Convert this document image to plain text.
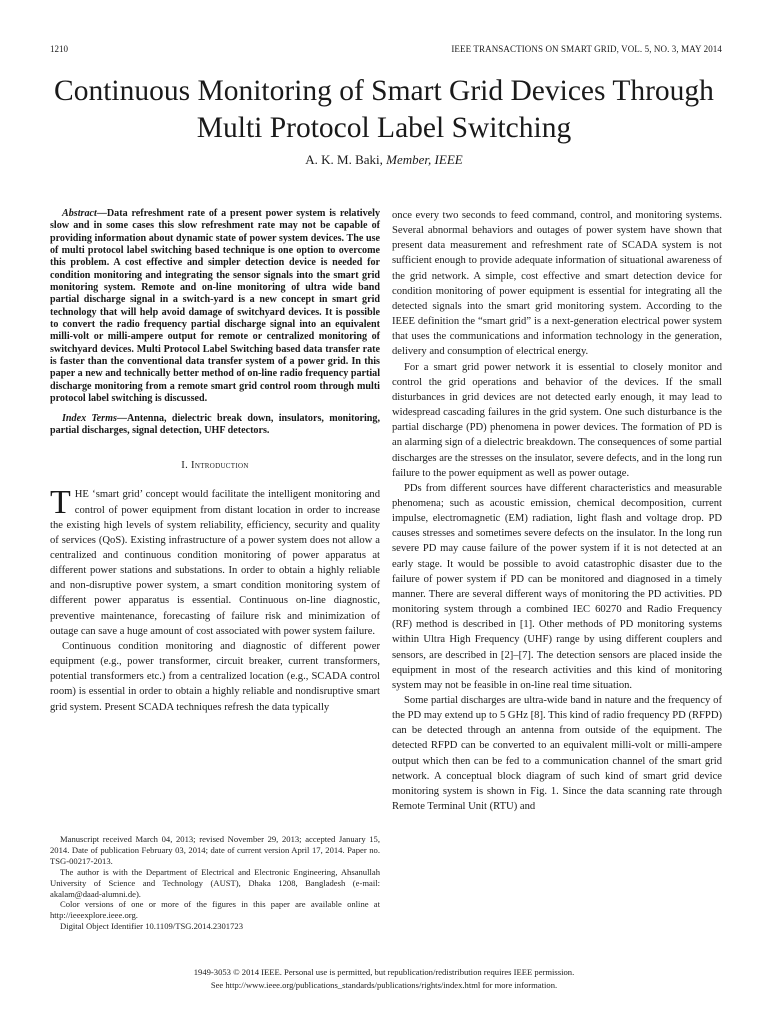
1210	IEEE TRANSACTIONS ON SMART GRID, VOL. 5, NO. 3, MAY 2014
Continuous Monitoring of Smart Grid Devices Through Multi Protocol Label Switching
A. K. M. Baki, Member, IEEE

Abstract—Data refreshment rate of a present power system is relatively slow and in some cases this slow refreshment rate may not be capable of providing information about dynamic state of power system devices. The use of multi protocol label switching based technique is one option to overcome this problem. A cost effective and simpler detection device is needed for condition monitoring and integrating the sensor signals into the smart grid monitoring system. Remote and on-line monitoring of ultra wide band partial discharge signal in a switch-yard is a new concept in smart grid technology that will help avoid damage of switchyard devices. It is possible to convert the radio frequency partial discharge signal into an equivalent milli-volt or milli-ampere output for remote or centralized monitoring of switchyard devices. Multi Protocol Label Switching based data transfer rate is faster than the conventional data transfer system of a power grid. In this paper a new and technically better method of on-line radio frequency partial discharge monitoring from a remote smart grid control room through multi protocol label switching is discussed.

Index Terms—Antenna, dielectric break down, insulators, monitoring, partial discharges, signal detection, UHF detectors.

I. Introduction

THE ‘smart grid’ concept would facilitate the intelligent monitoring and control of power equipment from distant location in order to increase the existing high levels of system reliability, efficiency, security and quality of services (QoS). Existing infrastructure of a power system does not allow a centralized and continuous condition monitoring of power apparatus at different power stations and substations. In order to obtain a highly reliable and non-disruptive power system, a smart condition monitoring system of different power apparatus is essential. Continuous on-line diagnostic, preventive maintenance, forecasting of failure risk and minimization of outage can save a huge amount of cost associated with power system failure.

Continuous condition monitoring and diagnostic of different power equipment (e.g., power transformer, circuit breaker, current transformers, potential transformers etc.) from a centralized location (e.g., SCADA control room) is essential in order to obtain a highly reliable and nondisruptive smart grid system. Present SCADA techniques refresh the data typically

once every two seconds to feed command, control, and monitoring systems. Several abnormal behaviors and outages of power system have shown that present data measurement and refreshment rate of SCADA system is not sufficient enough to provide adequate information of situational awareness of the grid network. A simple, cost effective and smart detection device for condition monitoring of power equipment is essential for integrating all the detected signals into the smart grid monitoring system. According to the IEEE definition the “smart grid” is a next-generation electrical power system that uses the communications and information technology in the generation, delivery and consumption of electrical energy.

For a smart grid power network it is essential to closely monitor and control the grid operations and behavior of the devices. If the small disturbances in grid devices are not detected early enough, it may lead to widespread cascading failures in the grid system. One such disturbance is the partial discharge (PD) phenomena in power devices. The formation of PD is an alarming sign of a dielectric breakdown. The consequences of some partial discharges are the stresses on the insulator, severe defects, and in the long run failure to the power equipment as well as power outage.

PDs from different sources have different characteristics and measurable phenomena; such as acoustic emission, chemical decomposition, current impulse, electromagnetic (EM) radiation, light flash and voltage drop. PD causes stresses and sometimes severe defects on the insulator. In the long run severe PD may cause failure of the power system if it is not detected at an early stage. It would be possible to avoid catastrophic disaster due to the failure of power system if PD can be monitored and diagnosed in a timely manner. There are several different ways of monitoring the PD activities. PD monitoring system through a combined IEC 60270 and Radio Frequency (RF) method is described in [1]. Other methods of PD monitoring systems within Ultra High Frequency (UHF) range by using different couplers and sensors, are described in [2]–[7]. The detection sensors are placed inside the equipment in most of the research activities and this kind of monitoring system may not be feasible in on-line real time situation.

Some partial discharges are ultra-wide band in nature and the frequency of the PD may extend up to 5 GHz [8]. This kind of radio frequency PD (RFPD) can be detected through an antenna from outside of the equipment. The detected RFPD can be converted to an equivalent milli-volt or milli-ampere output which then can be fed to a communication channel of the smart grid network. A conceptual block diagram of such kind of smart grid device monitoring system is shown in Fig. 1. Since the data scanning rate through Remote Terminal Unit (RTU) and

Manuscript received March 04, 2013; revised November 29, 2013; accepted January 15, 2014. Date of publication February 03, 2014; date of current version April 17, 2014. Paper no. TSG-00217-2013.

The author is with the Department of Electrical and Electronic Engineering, Ahsanullah University of Science and Technology (AUST), Dhaka 1208, Bangladesh (e-mail: akalam@daad-alumni.de).

Color versions of one or more of the figures in this paper are available online at http://ieeexplore.ieee.org.

Digital Object Identifier 10.1109/TSG.2014.2301723

1949-3053 © 2014 IEEE. Personal use is permitted, but republication/redistribution requires IEEE permission.

See http://www.ieee.org/publications_standards/publications/rights/index.html for more information.
